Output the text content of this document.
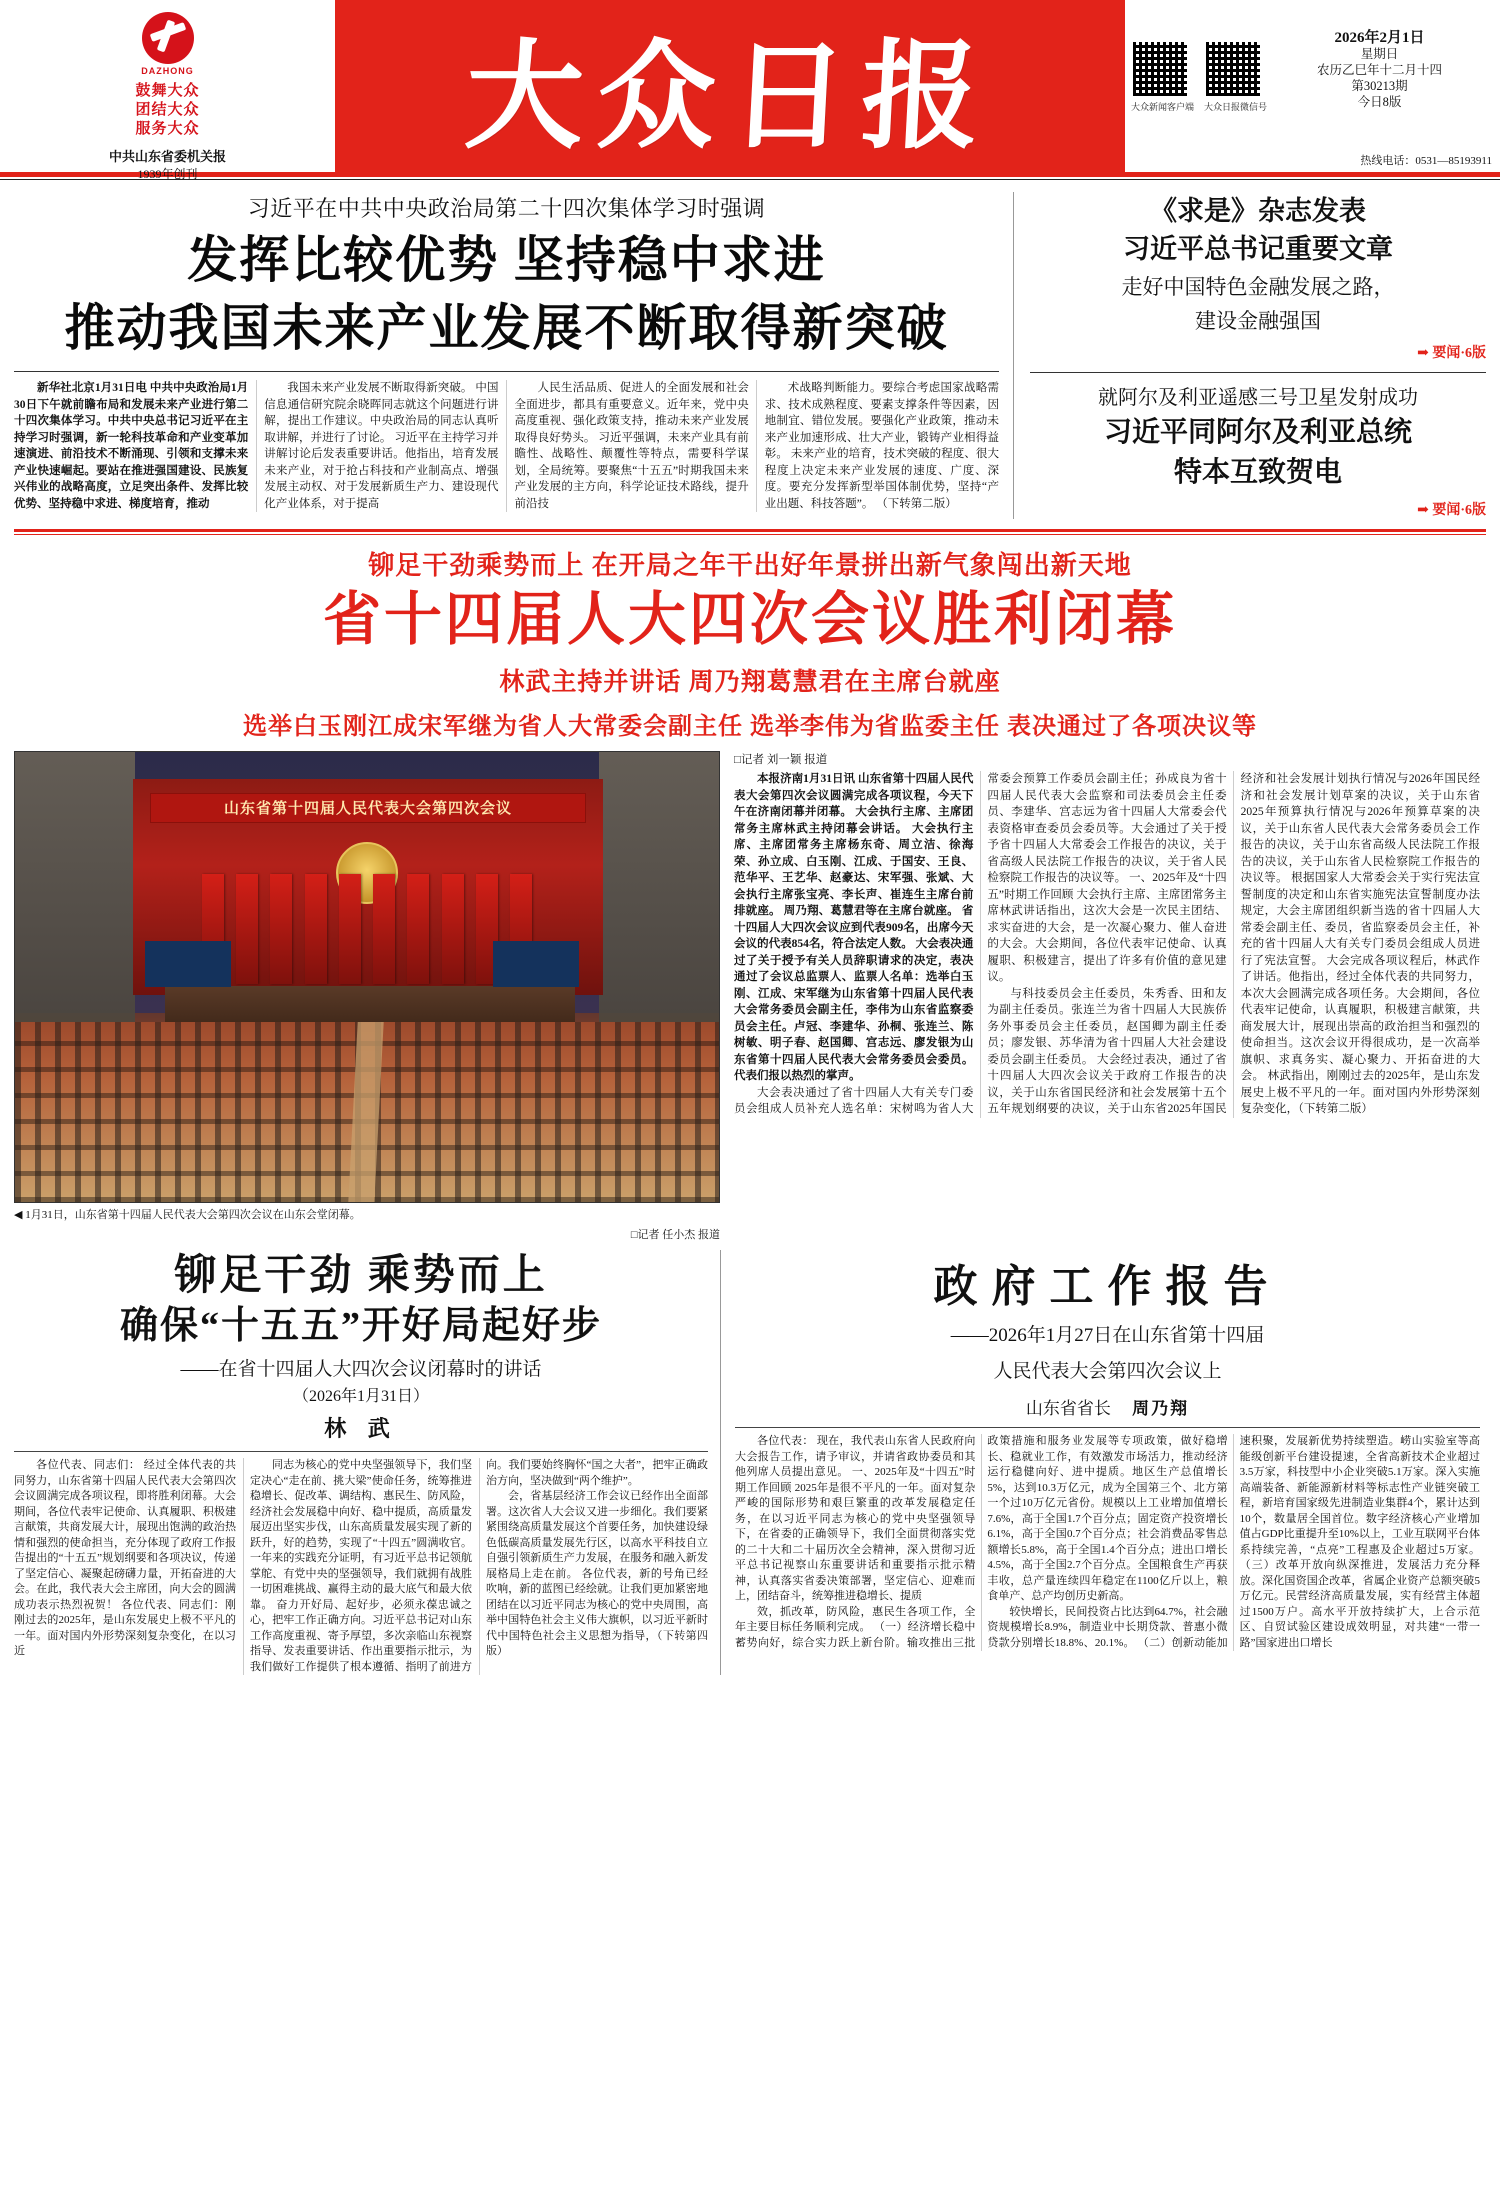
DAZHONG
鼓舞大众
团结大众
服务大众
中共山东省委机关报
1939年创刊
大众日报	大众新闻客户端 大众日报微信号
2026年2月1日
星期日
农历乙巳年十二月十四
第30213期
今日8版
热线电话：0531—85193911
习近平在中共中央政治局第二十四次集体学习时强调
发挥比较优势 坚持稳中求进
推动我国未来产业发展不断取得新突破

新华社北京1月31日电 中共中央政治局1月30日下午就前瞻布局和发展未来产业进行第二十四次集体学习。中共中央总书记习近平在主持学习时强调，新一轮科技革命和产业变革加速演进、前沿技术不断涌现、引领和支撑未来产业快速崛起。要站在推进强国建设、民族复兴伟业的战略高度，立足突出条件、发挥比较优势、坚持稳中求进、梯度培育，推动

我国未来产业发展不断取得新突破。 中国信息通信研究院余晓晖同志就这个问题进行讲解，提出工作建议。中央政治局的同志认真听取讲解，并进行了讨论。 习近平在主持学习并讲解讨论后发表重要讲话。他指出，培育发展未来产业，对于抢占科技和产业制高点、增强发展主动权、对于发展新质生产力、建设现代化产业体系，对于提高

人民生活品质、促进人的全面发展和社会全面进步，都具有重要意义。近年来，党中央高度重视、强化政策支持，推动未来产业发展取得良好势头。 习近平强调，未来产业具有前瞻性、战略性、颠覆性等特点，需要科学谋划，全局统筹。要聚焦“十五五”时期我国未来产业发展的主方向，科学论证技术路线，提升前沿技

术战略判断能力。要综合考虑国家战略需求、技术成熟程度、要素支撑条件等因素，因地制宜、错位发展。要强化产业政策，推动未来产业加速形成、壮大产业，锻铸产业相得益彰。 未来产业的培育，技术突破的程度、很大程度上决定未来产业发展的速度、广度、深度。要充分发挥新型举国体制优势，坚持“产业出题、科技答题”。 （下转第二版）

《求是》杂志发表
习近平总书记重要文章
走好中国特色金融发展之路，
建设金融强国
➡ 要闻·6版
就阿尔及利亚遥感三号卫星发射成功
习近平同阿尔及利亚总统
特本互致贺电
➡ 要闻·6版
铆足干劲乘势而上 在开局之年干出好年景拼出新气象闯出新天地
省十四届人大四次会议胜利闭幕
林武主持并讲话 周乃翔葛慧君在主席台就座
选举白玉刚江成宋军继为省人大常委会副主任 选举李伟为省监委主任 表决通过了各项决议等
山东省第十四届人民代表大会第四次会议
◀ 1月31日，山东省第十四届人民代表大会第四次会议在山东会堂闭幕。
□记者 任小杰 报道
□记者 刘一颖 报道

本报济南1月31日讯 山东省第十四届人民代表大会第四次会议圆满完成各项议程，今天下午在济南闭幕并闭幕。 大会执行主席、主席团常务主席林武主持闭幕会讲话。 大会执行主席、主席团常务主席杨东奇、周立洁、徐海荣、孙立成、白玉刚、江成、于国安、王良、范华平、王艺华、赵豪达、宋军强、张斌、大会执行主席张宝亮、李长声、崔连生主席台前排就座。 周乃翔、葛慧君等在主席台就座。 省十四届人大四次会议应到代表909名，出席今天会议的代表854名，符合法定人数。 大会表决通过了关于授予有关人员辞职请求的决定，表决通过了会议总监票人、监票人名单：选举白玉刚、江成、宋军继为山东省第十四届人民代表大会常务委员会副主任，李伟为山东省监察委员会主任。卢冠、李建华、孙桐、张连兰、陈树敏、明子春、赵国卿、宫志远、廖发银为山东省第十四届人民代表大会常务委员会委员。代表们报以热烈的掌声。

大会表决通过了省十四届人大有关专门委员会组成人员补充人选名单：宋树鸣为省人大常委会预算工作委员会副主任；孙成良为省十四届人民代表大会监察和司法委员会主任委员、李建华、宫志远为省十四届人大常委会代表资格审查委员会委员等。大会通过了关于授予省十四届人大常委会工作报告的决议，关于省高级人民法院工作报告的决议，关于省人民检察院工作报告的决议等。 一、2025年及“十四五”时期工作回顾 大会执行主席、主席团常务主席林武讲话指出，这次大会是一次民主团结、求实奋进的大会，是一次凝心聚力、催人奋进的大会。大会期间，各位代表牢记使命、认真履职、积极建言，提出了许多有价值的意见建议。

与科技委员会主任委员，朱秀香、田和友为副主任委员。张连兰为省十四届人大民族侨务外事委员会主任委员，赵国卿为副主任委员；廖发银、苏华清为省十四届人大社会建设委员会副主任委员。 大会经过表决，通过了省十四届人大四次会议关于政府工作报告的决议，关于山东省国民经济和社会发展第十五个五年规划纲要的决议，关于山东省2025年国民经济和社会发展计划执行情况与2026年国民经济和社会发展计划草案的决议，关于山东省2025年预算执行情况与2026年预算草案的决议，关于山东省人民代表大会常务委员会工作报告的决议，关于山东省高级人民法院工作报告的决议，关于山东省人民检察院工作报告的决议等。 根据国家人大常委会关于实行宪法宣誓制度的决定和山东省实施宪法宣誓制度办法规定，大会主席团组织新当选的省十四届人大常委会副主任、委员，省监察委员会主任，补充的省十四届人大有关专门委员会组成人员进行了宪法宣誓。 大会完成各项议程后，林武作了讲话。他指出，经过全体代表的共同努力，本次大会圆满完成各项任务。大会期间，各位代表牢记使命，认真履职，积极建言献策，共商发展大计，展现出崇高的政治担当和强烈的使命担当。这次会议开得很成功，是一次高举旗帜、求真务实、凝心聚力、开拓奋进的大会。 林武指出，刚刚过去的2025年，是山东发展史上极不平凡的一年。面对国内外形势深刻复杂变化，（下转第二版）

铆足干劲 乘势而上
确保“十五五”开好局起好步
——在省十四届人大四次会议闭幕时的讲话
（2026年1月31日）
林 武

各位代表、同志们： 经过全体代表的共同努力，山东省第十四届人民代表大会第四次会议圆满完成各项议程，即将胜利闭幕。大会期间，各位代表牢记使命、认真履职、积极建言献策，共商发展大计，展现出饱满的政治热情和强烈的使命担当，充分体现了政府工作报告提出的“十五五”规划纲要和各项决议，传递了坚定信心、凝聚起磅礴力量，开拓奋进的大会。在此，我代表大会主席团，向大会的圆满成功表示热烈祝贺！ 各位代表、同志们：刚刚过去的2025年，是山东发展史上极不平凡的一年。面对国内外形势深刻复杂变化，在以习近

同志为核心的党中央坚强领导下，我们坚定决心“走在前、挑大梁”使命任务，统筹推进稳增长、促改革、调结构、惠民生、防风险，经济社会发展稳中向好、稳中提质，高质量发展迈出坚实步伐，山东高质量发展实现了新的跃升，好的趋势，实现了“十四五”圆满收官。一年来的实践充分证明，有习近平总书记领航掌舵、有党中央的坚强领导，我们就拥有战胜一切困难挑战、赢得主动的最大底气和最大依靠。 奋力开好局、起好步，必须永葆忠诚之心，把牢工作正确方向。习近平总书记对山东工作高度重视、寄予厚望，多次亲临山东视察指导、发表重要讲话、作出重要指示批示，为我们做好工作提供了根本遵循、指明了前进方向。我们要始终胸怀“国之大者”，把牢正确政治方向，坚决做到“两个维护”。

会，省基层经济工作会议已经作出全面部署。这次省人大会议又进一步细化。我们要紧紧围绕高质量发展这个首要任务，加快建设绿色低碳高质量发展先行区，以高水平科技自立自强引领新质生产力发展，在服务和融入新发展格局上走在前。 各位代表，新的号角已经吹响，新的蓝图已经绘就。让我们更加紧密地团结在以习近平同志为核心的党中央周围，高举中国特色社会主义伟大旗帜，以习近平新时代中国特色社会主义思想为指导，（下转第四版）

政府工作报告
——2026年1月27日在山东省第十四届
人民代表大会第四次会议上
山东省省长 周乃翔

各位代表： 现在，我代表山东省人民政府向大会报告工作，请予审议，并请省政协委员和其他列席人员提出意见。 一、2025年及“十四五”时期工作回顾 2025年是很不平凡的一年。面对复杂严峻的国际形势和艰巨繁重的改革发展稳定任务，在以习近平同志为核心的党中央坚强领导下，在省委的正确领导下，我们全面贯彻落实党的二十大和二十届历次全会精神，深入贯彻习近平总书记视察山东重要讲话和重要指示批示精神，认真落实省委决策部署，坚定信心、迎难而上，团结奋斗，统筹推进稳增长、提质

效，抓改革，防风险，惠民生各项工作，全年主要目标任务顺利完成。 （一）经济增长稳中蓄势向好，综合实力跃上新台阶。输攻推出三批政策措施和服务业发展等专项政策，做好稳增长、稳就业工作，有效激发市场活力，推动经济运行稳健向好、进中提质。地区生产总值增长5%，达到10.3万亿元，成为全国第三个、北方第一个过10万亿元省份。规模以上工业增加值增长7.6%，高于全国1.7个百分点；固定资产投资增长6.1%，高于全国0.7个百分点；社会消费品零售总额增长5.8%，高于全国1.4个百分点；进出口增长4.5%，高于全国2.7个百分点。全国粮食生产再获丰收，总产量连续四年稳定在1100亿斤以上，粮食单产、总产均创历史新高。

较快增长，民间投资占比达到64.7%，社会融资规模增长8.9%，制造业中长期贷款、普惠小微贷款分别增长18.8%、20.1%。 （二）创新动能加速积聚，发展新优势持续塑造。崂山实验室等高能级创新平台建设提速，全省高新技术企业超过3.5万家，科技型中小企业突破5.1万家。深入实施高端装备、新能源新材料等标志性产业链突破工程，新培育国家级先进制造业集群4个，累计达到10个，数量居全国首位。数字经济核心产业增加值占GDP比重提升至10%以上，工业互联网平台体系持续完善，“点亮”工程惠及企业超过5万家。 （三）改革开放向纵深推进，发展活力充分释放。深化国资国企改革，省属企业资产总额突破5万亿元。民营经济高质量发展，实有经营主体超过1500万户。高水平开放持续扩大，上合示范区、自贸试验区建设成效明显，对共建“一带一路”国家进出口增长
